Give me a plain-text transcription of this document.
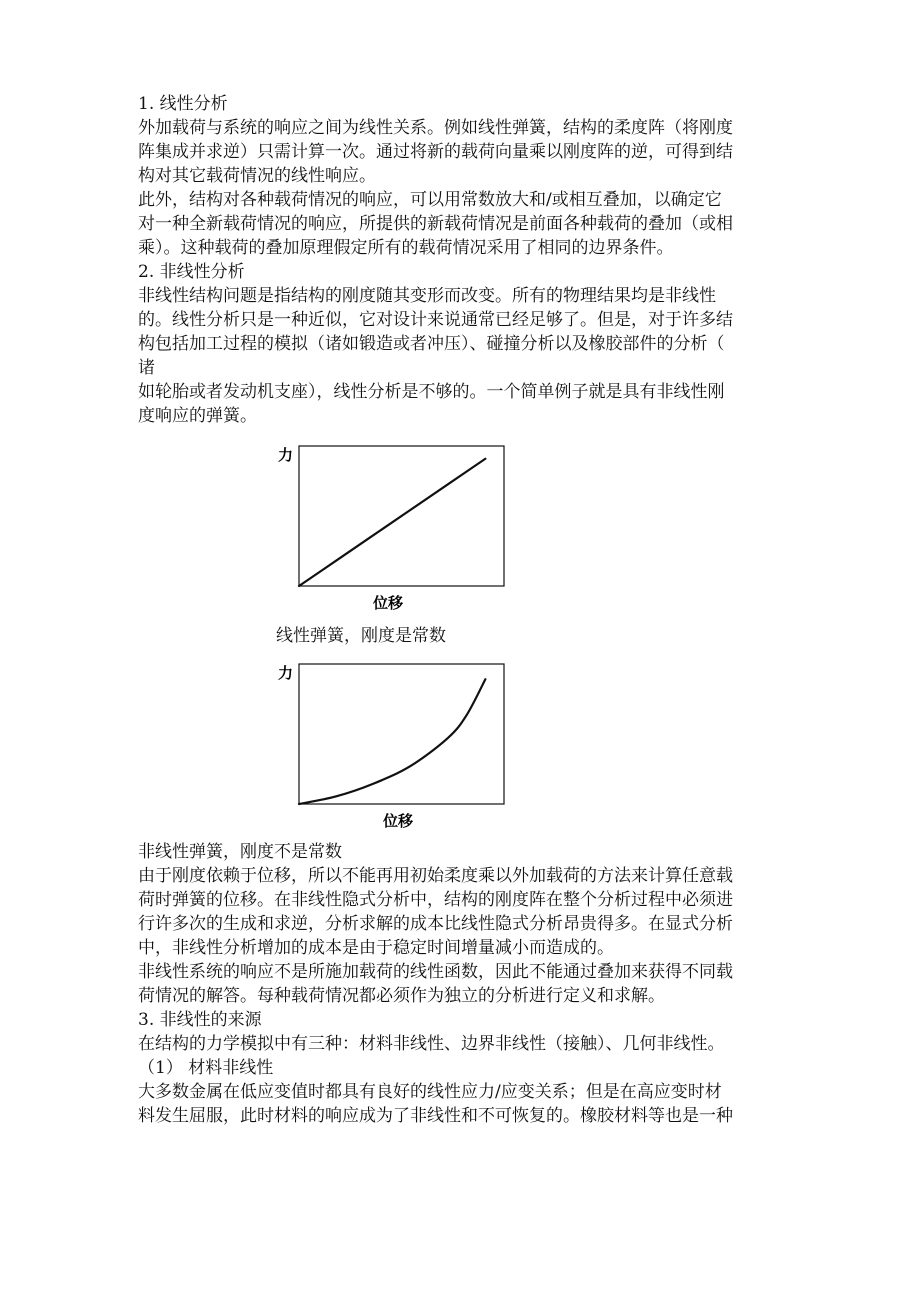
1. 线性分析
外加载荷与系统的响应之间为线性关系。例如线性弹簧，结构的柔度阵（将刚度
阵集成并求逆）只需计算一次。通过将新的载荷向量乘以刚度阵的逆，可得到结
构对其它载荷情况的线性响应。
此外，结构对各种载荷情况的响应，可以用常数放大和/或相互叠加，以确定它
对一种全新载荷情况的响应，所提供的新载荷情况是前面各种载荷的叠加（或相
乘）。这种载荷的叠加原理假定所有的载荷情况采用了相同的边界条件。
2. 非线性分析
非线性结构问题是指结构的刚度随其变形而改变。所有的物理结果均是非线性
的。线性分析只是一种近似，它对设计来说通常已经足够了。但是，对于许多结
构包括加工过程的模拟（诸如锻造或者冲压）、碰撞分析以及橡胶部件的分析（
诸
如轮胎或者发动机支座），线性分析是不够的。一个简单例子就是具有非线性刚
度响应的弹簧。
力
位移
线性弹簧，刚度是常数
力
位移
非线性弹簧，刚度不是常数
由于刚度依赖于位移，所以不能再用初始柔度乘以外加载荷的方法来计算任意载
荷时弹簧的位移。在非线性隐式分析中，结构的刚度阵在整个分析过程中必须进
行许多次的生成和求逆，分析求解的成本比线性隐式分析昂贵得多。在显式分析
中，非线性分析增加的成本是由于稳定时间增量减小而造成的。
非线性系统的响应不是所施加载荷的线性函数，因此不能通过叠加来获得不同载
荷情况的解答。每种载荷情况都必须作为独立的分析进行定义和求解。
3. 非线性的来源
在结构的力学模拟中有三种：材料非线性、边界非线性（接触）、几何非线性。
（1） 材料非线性
大多数金属在低应变值时都具有良好的线性应力/应变关系；但是在高应变时材
料发生屈服，此时材料的响应成为了非线性和不可恢复的。橡胶材料等也是一种
